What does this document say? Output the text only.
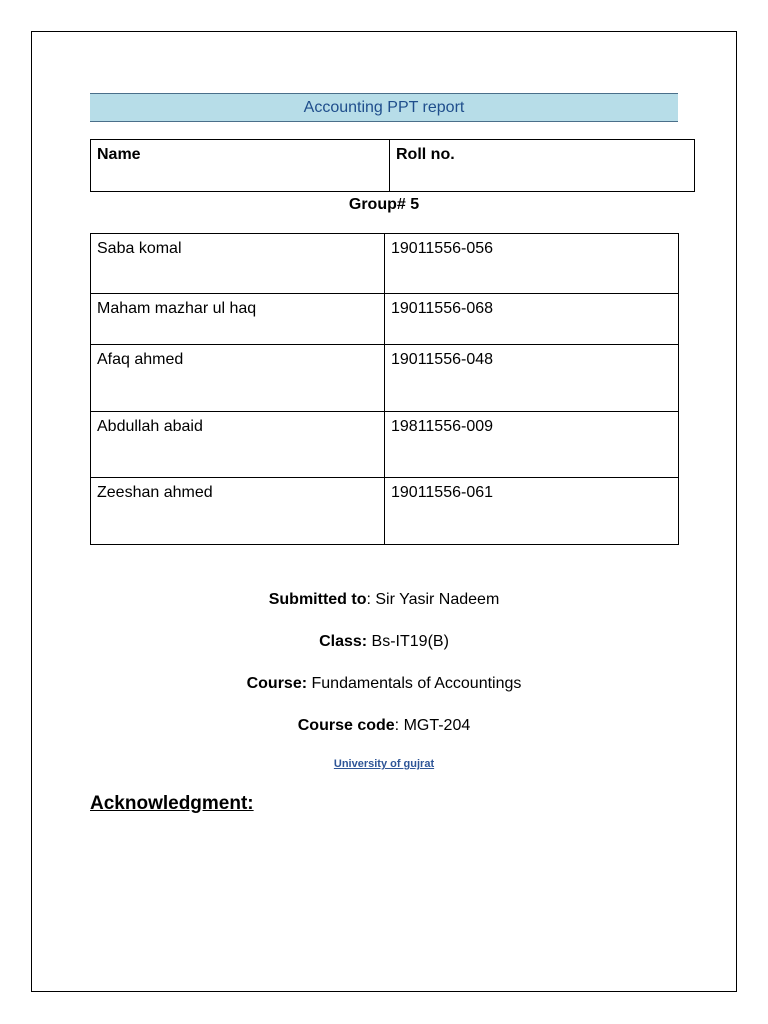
Accounting PPT report
Name	Roll no.
Group# 5
Saba komal	19011556-056
Maham mazhar ul haq	19011556-068
Afaq ahmed	19011556-048
Abdullah abaid	19811556-009
Zeeshan ahmed	19011556-061
Submitted to: Sir Yasir Nadeem
Class: Bs-IT19(B)
Course: Fundamentals of Accountings
Course code: MGT-204
University of gujrat
Acknowledgment:
